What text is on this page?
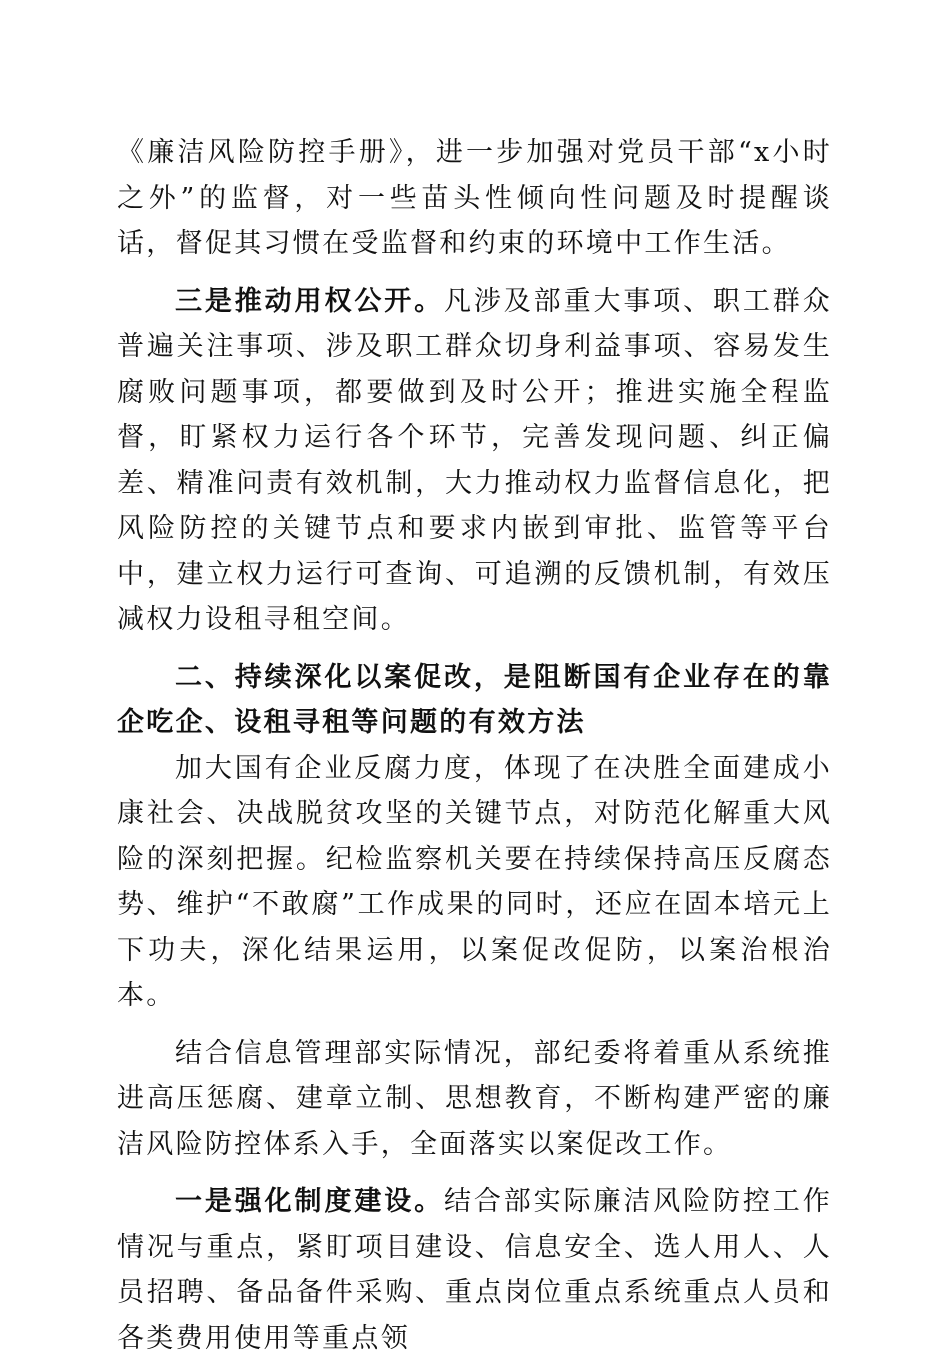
《廉洁风险防控手册》，进一步加强对党员干部“x小时之外”的监督，对一些苗头性倾向性问题及时提醒谈话，督促其习惯在受监督和约束的环境中工作生活。

三是推动用权公开。凡涉及部重大事项、职工群众普遍关注事项、涉及职工群众切身利益事项、容易发生腐败问题事项，都要做到及时公开；推进实施全程监督，盯紧权力运行各个环节，完善发现问题、纠正偏差、精准问责有效机制，大力推动权力监督信息化，把风险防控的关键节点和要求内嵌到审批、监管等平台中，建立权力运行可查询、可追溯的反馈机制，有效压减权力设租寻租空间。

二、持续深化以案促改，是阻断国有企业存在的靠企吃企、设租寻租等问题的有效方法

加大国有企业反腐力度，体现了在决胜全面建成小康社会、决战脱贫攻坚的关键节点，对防范化解重大风险的深刻把握。纪检监察机关要在持续保持高压反腐态势、维护“不敢腐”工作成果的同时，还应在固本培元上下功夫，深化结果运用，以案促改促防，以案治根治本。

结合信息管理部实际情况，部纪委将着重从系统推进高压惩腐、建章立制、思想教育，不断构建严密的廉洁风险防控体系入手，全面落实以案促改工作。

一是强化制度建设。结合部实际廉洁风险防控工作情况与重点，紧盯项目建设、信息安全、选人用人、人员招聘、备品备件采购、重点岗位重点系统重点人员和各类费用使用等重点领
